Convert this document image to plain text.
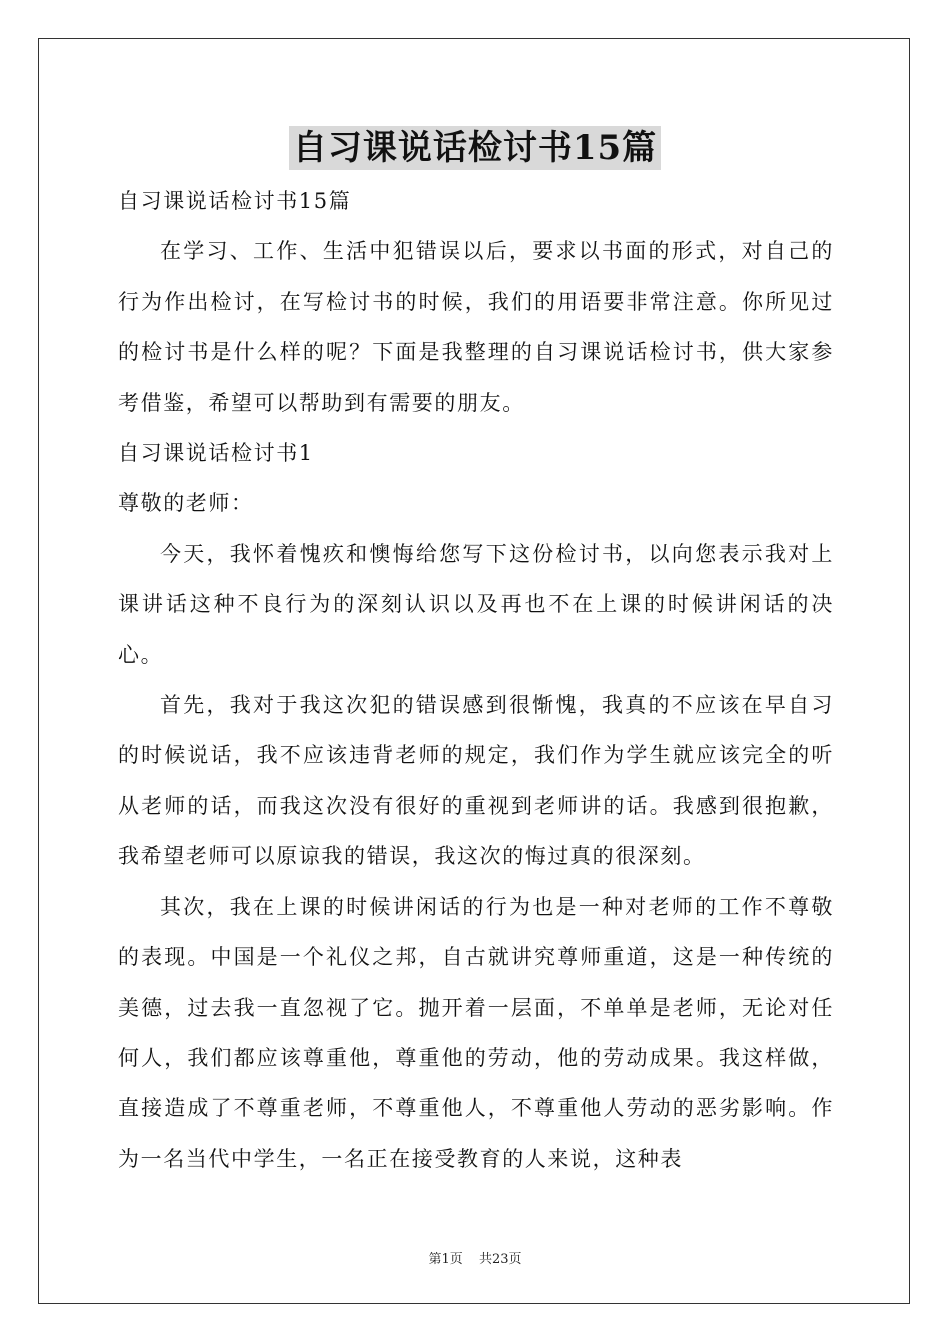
自习课说话检讨书15篇

自习课说话检讨书15篇

在学习、工作、生活中犯错误以后，要求以书面的形式，对自己的行为作出检讨，在写检讨书的时候，我们的用语要非常注意。你所见过的检讨书是什么样的呢？下面是我整理的自习课说话检讨书，供大家参考借鉴，希望可以帮助到有需要的朋友。

自习课说话检讨书1

尊敬的老师：

今天，我怀着愧疚和懊悔给您写下这份检讨书，以向您表示我对上课讲话这种不良行为的深刻认识以及再也不在上课的时候讲闲话的决心。

首先，我对于我这次犯的错误感到很惭愧，我真的不应该在早自习的时候说话，我不应该违背老师的规定，我们作为学生就应该完全的听从老师的话，而我这次没有很好的重视到老师讲的话。我感到很抱歉，我希望老师可以原谅我的错误，我这次的悔过真的很深刻。

其次，我在上课的时候讲闲话的行为也是一种对老师的工作不尊敬的表现。中国是一个礼仪之邦，自古就讲究尊师重道，这是一种传统的美德，过去我一直忽视了它。抛开着一层面，不单单是老师，无论对任何人，我们都应该尊重他，尊重他的劳动，他的劳动成果。我这样做，直接造成了不尊重老师，不尊重他人，不尊重他人劳动的恶劣影响。作为一名当代中学生，一名正在接受教育的人来说，这种表

第1页 共23页
